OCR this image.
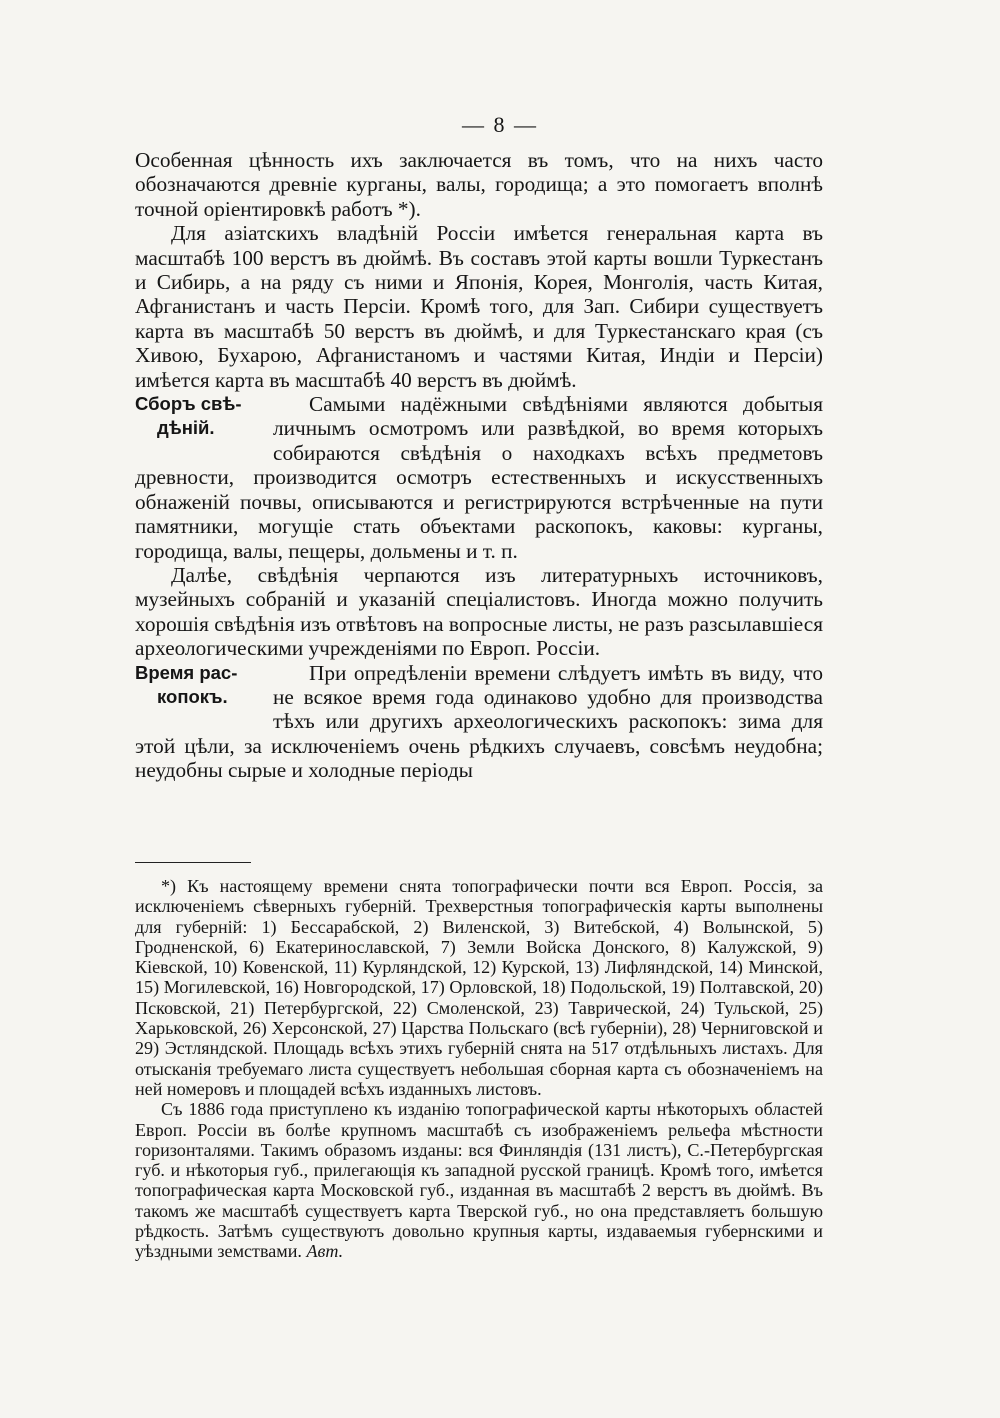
— 8 —

Особенная цѣнность ихъ заключается въ томъ, что на нихъ часто обозначаются древніе курганы, валы, городища; а это помогаетъ вполнѣ точной оріентировкѣ работъ *).

Для азіатскихъ владѣній Россіи имѣется генеральная карта въ масштабѣ 100 верстъ въ дюймѣ. Въ составъ этой карты вошли Туркестанъ и Сибирь, а на ряду съ ними и Японія, Корея, Монголія, часть Китая, Афганистанъ и часть Персіи. Кромѣ того, для Зап. Сибири существуетъ карта въ масштабѣ 50 верстъ въ дюймѣ, и для Туркестанскаго края (съ Хивою, Бухарою, Афганистаномъ и частями Китая, Индіи и Персіи) имѣется карта въ масштабѣ 40 верстъ въ дюймѣ.

Сборъ свѣ-
дѣній.

Самыми надёжными свѣдѣніями являются добытыя личнымъ осмотромъ или развѣдкой, во время которыхъ собираются свѣдѣнія о находкахъ всѣхъ предметовъ древности, производится осмотръ естественныхъ и искусственныхъ обнаженій почвы, описываются и регистрируются встрѣченные на пути памятники, могущіе стать объектами раскопокъ, каковы: курганы, городища, валы, пещеры, дольмены и т. п.

Далѣе, свѣдѣнія черпаются изъ литературныхъ источниковъ, музейныхъ собраній и указаній спеціалистовъ. Иногда можно получить хорошія свѣдѣнія изъ отвѣтовъ на вопросные листы, не разъ разсылавшіеся археологическими учрежденіями по Европ. Россіи.

Время рас-
копокъ.

При опредѣленіи времени слѣдуетъ имѣть въ виду, что не всякое время года одинаково удобно для производства тѣхъ или другихъ археологическихъ раскопокъ: зима для этой цѣли, за исключеніемъ очень рѣдкихъ случаевъ, совсѣмъ неудобна; неудобны сырые и холодные періоды

*) Къ настоящему времени снята топографически почти вся Европ. Россія, за исключеніемъ сѣверныхъ губерній. Трехверстныя топографическія карты выполнены для губерній: 1) Бессарабской, 2) Виленской, 3) Витебской, 4) Волынской, 5) Гродненской, 6) Екатеринославской, 7) Земли Войска Донского, 8) Калужской, 9) Кіевской, 10) Ковенской, 11) Курляндской, 12) Курской, 13) Лифляндской, 14) Минской, 15) Могилевской, 16) Новгородской, 17) Орловской, 18) Подольской, 19) Полтавской, 20) Псковской, 21) Петербургской, 22) Смоленской, 23) Таврической, 24) Тульской, 25) Харьковской, 26) Херсонской, 27) Царства Польскаго (всѣ губерніи), 28) Черниговской и 29) Эстляндской. Площадь всѣхъ этихъ губерній снята на 517 отдѣльныхъ листахъ. Для отысканія требуемаго листа существуетъ небольшая сборная карта съ обозначеніемъ на ней номеровъ и площадей всѣхъ изданныхъ листовъ.

Съ 1886 года приступлено къ изданію топографической карты нѣкоторыхъ областей Европ. Россіи въ болѣе крупномъ масштабѣ съ изображеніемъ рельефа мѣстности горизонталями. Такимъ образомъ изданы: вся Финляндія (131 листъ), С.-Петербургская губ. и нѣкоторыя губ., прилегающія къ западной русской границѣ. Кромѣ того, имѣется топографическая карта Московской губ., изданная въ масштабѣ 2 верстъ въ дюймѣ. Въ такомъ же масштабѣ существуетъ карта Тверской губ., но она представляетъ большую рѣдкость. Затѣмъ существуютъ довольно крупныя карты, издаваемыя губернскими и уѣздными земствами. Авт.
